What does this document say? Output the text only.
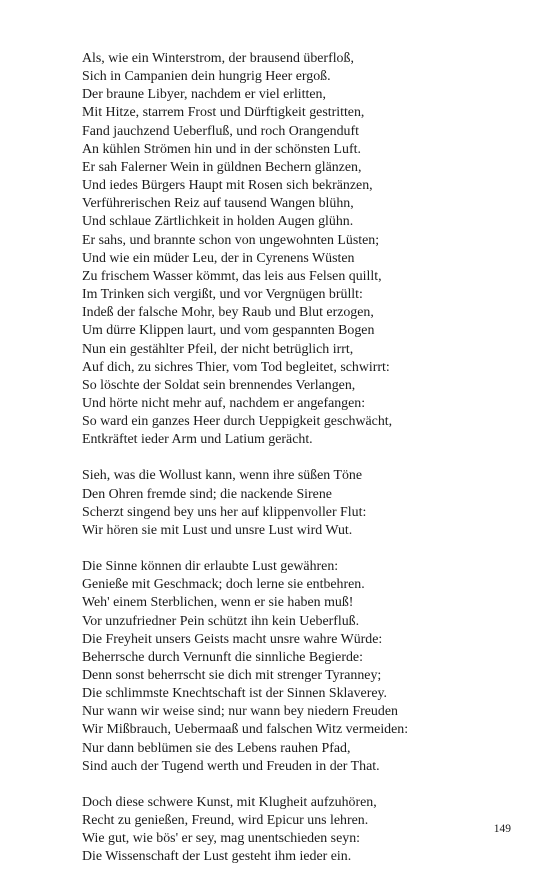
Als, wie ein Winterstrom, der brausend überfloß,
Sich in Campanien dein hungrig Heer ergoß.
Der braune Libyer, nachdem er viel erlitten,
Mit Hitze, starrem Frost und Dürftigkeit gestritten,
Fand jauchzend Ueberfluß, und roch Orangenduft
An kühlen Strömen hin und in der schönsten Luft.
Er sah Falerner Wein in güldnen Bechern glänzen,
Und iedes Bürgers Haupt mit Rosen sich bekränzen,
Verführerischen Reiz auf tausend Wangen blühn,
Und schlaue Zärtlichkeit in holden Augen glühn.
Er sahs, und brannte schon von ungewohnten Lüsten;
Und wie ein müder Leu, der in Cyrenens Wüsten
Zu frischem Wasser kömmt, das leis aus Felsen quillt,
Im Trinken sich vergißt, und vor Vergnügen brüllt:
Indeß der falsche Mohr, bey Raub und Blut erzogen,
Um dürre Klippen laurt, und vom gespannten Bogen
Nun ein gestählter Pfeil, der nicht betrüglich irrt,
Auf dich, zu sichres Thier, vom Tod begleitet, schwirrt:
So löschte der Soldat sein brennendes Verlangen,
Und hörte nicht mehr auf, nachdem er angefangen:
So ward ein ganzes Heer durch Ueppigkeit geschwächt,
Entkräftet ieder Arm und Latium gerächt.
Sieh, was die Wollust kann, wenn ihre süßen Töne
Den Ohren fremde sind; die nackende Sirene
Scherzt singend bey uns her auf klippenvoller Flut:
Wir hören sie mit Lust und unsre Lust wird Wut.
Die Sinne können dir erlaubte Lust gewähren:
Genieße mit Geschmack; doch lerne sie entbehren.
Weh' einem Sterblichen, wenn er sie haben muß!
Vor unzufriedner Pein schützt ihn kein Ueberfluß.
Die Freyheit unsers Geists macht unsre wahre Würde:
Beherrsche durch Vernunft die sinnliche Begierde:
Denn sonst beherrscht sie dich mit strenger Tyranney;
Die schlimmste Knechtschaft ist der Sinnen Sklaverey.
Nur wann wir weise sind; nur wann bey niedern Freuden
Wir Mißbrauch, Uebermaaß und falschen Witz vermeiden:
Nur dann beblümen sie des Lebens rauhen Pfad,
Sind auch der Tugend werth und Freuden in der That.
Doch diese schwere Kunst, mit Klugheit aufzuhören,
Recht zu genießen, Freund, wird Epicur uns lehren.
Wie gut, wie bös' er sey, mag unentschieden seyn:
Die Wissenschaft der Lust gesteht ihm ieder ein.
149
